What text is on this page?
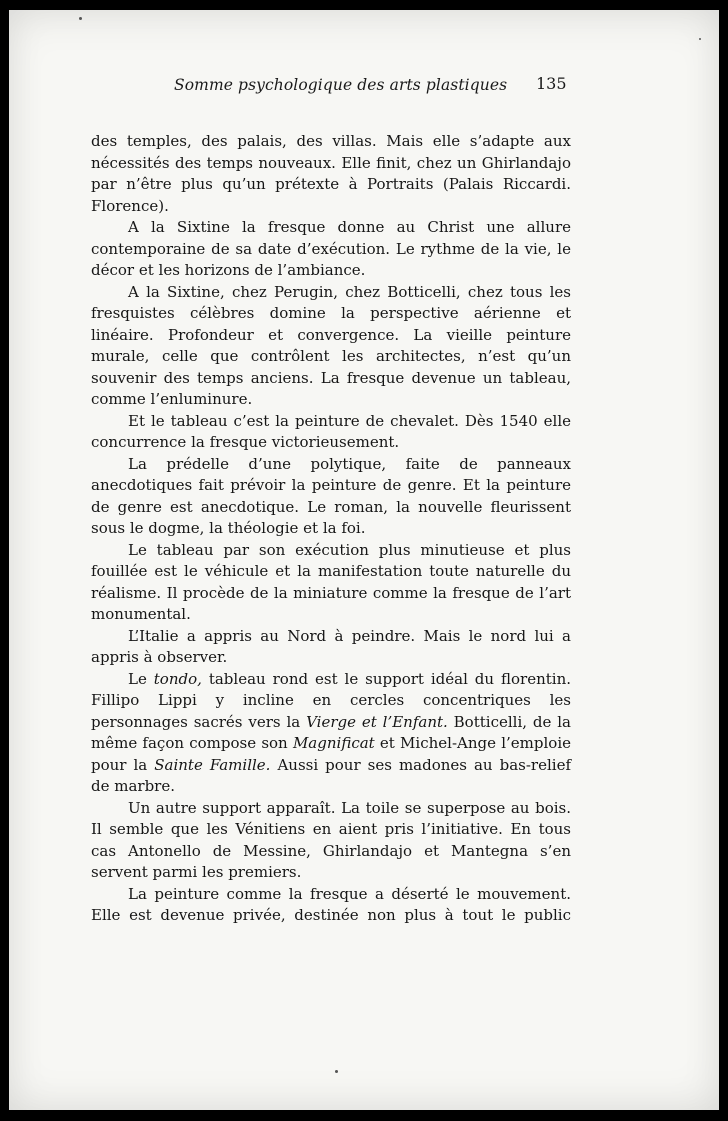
Somme psychologique des arts plastiques 135

des temples, des palais, des villas. Mais elle s’adapte aux nécessités des temps nouveaux. Elle finit, chez un Ghirlandajo par n’être plus qu’un prétexte à Portraits (Palais Riccardi. Florence).

A la Sixtine la fresque donne au Christ une allure contemporaine de sa date d’exécution. Le rythme de la vie, le décor et les horizons de l’ambiance.

A la Sixtine, chez Perugin, chez Botticelli, chez tous les fresquistes célèbres domine la perspective aérienne et linéaire. Profondeur et convergence. La vieille peinture murale, celle que contrôlent les architectes, n’est qu’un souvenir des temps anciens. La fresque devenue un tableau, comme l’enluminure.

Et le tableau c’est la peinture de chevalet. Dès 1540 elle concurrence la fresque victorieusement.

La prédelle d’une polytique, faite de panneaux anecdotiques fait prévoir la peinture de genre. Et la peinture de genre est anecdotique. Le roman, la nouvelle fleurissent sous le dogme, la théologie et la foi.

Le tableau par son exécution plus minutieuse et plus fouillée est le véhicule et la manifestation toute naturelle du réalisme. Il procède de la miniature comme la fresque de l’art monumental.

L’Italie a appris au Nord à peindre. Mais le nord lui a appris à observer.

Le tondo, tableau rond est le support idéal du florentin. Fillipo Lippi y incline en cercles concentriques les personnages sacrés vers la Vierge et l’Enfant. Botticelli, de la même façon compose son Magnificat et Michel-Ange l’emploie pour la Sainte Famille. Aussi pour ses madones au bas-relief de marbre.

Un autre support apparaît. La toile se superpose au bois. Il semble que les Vénitiens en aient pris l’initiative. En tous cas Antonello de Messine, Ghirlandajo et Mantegna s’en servent parmi les premiers.

La peinture comme la fresque a déserté le mouvement. Elle est devenue privée, destinée non plus à tout le public
